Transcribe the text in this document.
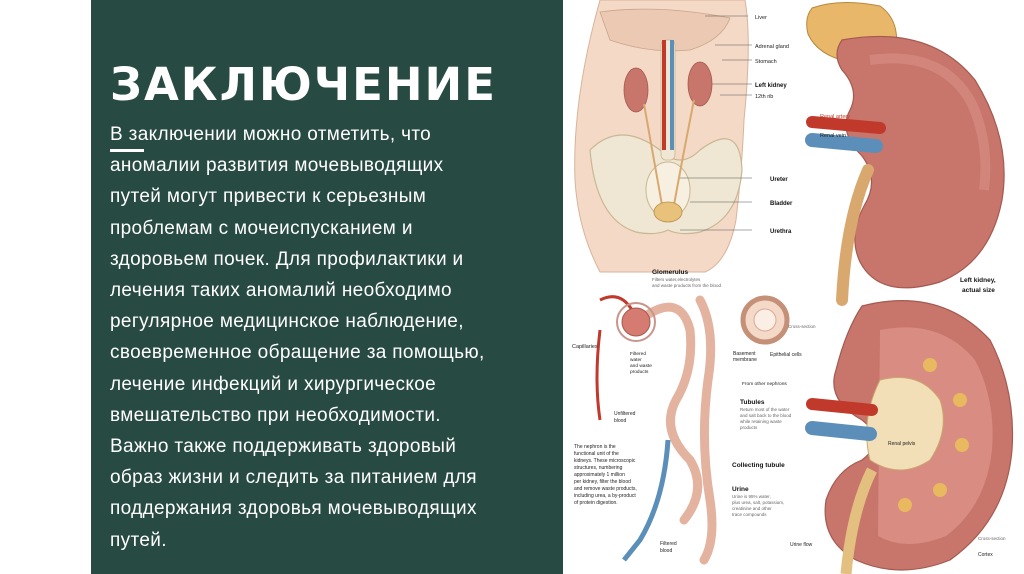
ЗАКЛЮЧЕНИЕ
В заключении можно отметить, что
аномалии развития мочевыводящих
путей могут привести к серьезным
проблемам с мочеиспусканием и
здоровьем почек. Для профилактики и
лечения таких аномалий необходимо
регулярное медицинское наблюдение,
своевременное обращение за помощью,
лечение инфекций и хирургическое
вмешательство при необходимости.
Важно также поддерживать здоровый
образ жизни и следить за питанием для
поддержания здоровья мочевыводящих
путей.
Liver
Adrenal gland
Stomach
Left kidney
12th rib
Ureter
Bladder
Urethra
Renal artery
Renal vein
Left kidney,
actual size
Glomerulus
Filters water,electrolytes
and waste products from the blood
Capillaries
Filtered
water
and waste
products
Unfiltered
blood
Basement
membrane
Epithelial cells
Cross-section
From other nephrons
Tubules
Return most of the water
and salt back to the blood
while retaining waste
products
Collecting tubule
Urine
Urine is 95% water,
plus urea, salt, potassium,
creatinine and other
trace compounds
Filtered
blood
The nephron is the
functional unit of the
kidneys. These microscopic
structures, numbering
approximately 1 million
per kidney, filter the blood
and remove waste products,
including urea, a by-product
of protein digestion.
Renal pelvis
Cross-section
Urine flow
Cortex
